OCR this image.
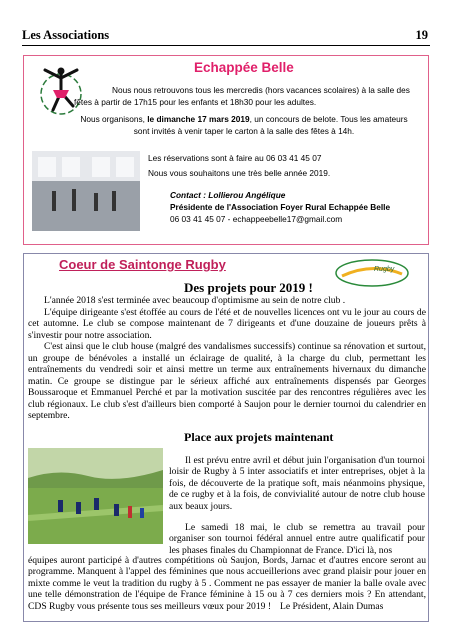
Les Associations	19
Echappée Belle
Nous nous retrouvons tous les mercredis (hors vacances scolaires) à la salle des fêtes à partir de 17h15 pour les enfants et 18h30 pour les adultes.
Nous organisons, le dimanche 17 mars 2019, un concours de belote. Tous les amateurs sont invités à venir taper le carton à la salle des fêtes à 14h.
Les réservations sont à faire au 06 03 41 45 07
Nous vous souhaitons une très belle année 2019.
Contact : Lollierou Angélique
Présidente de l'Association Foyer Rural Echappée Belle
06 03 41 45 07 - echappeebelle17@gmail.com
Coeur de Saintonge Rugby	Rugby
Des projets pour 2019 !

L'année 2018 s'est terminée avec beaucoup d'optimisme au sein de notre club .

L'équipe dirigeante s'est étoffée au cours de l'été et de nouvelles licences ont vu le jour au cours de cet automne. Le club se compose maintenant de 7 dirigeants et d'une douzaine de joueurs prêts à s'investir pour notre association.

C'est ainsi que le club house (malgré des vandalismes successifs) continue sa rénovation et surtout, un groupe de bénévoles a installé un éclairage de qualité, à la charge du club, permettant les entraînements du vendredi soir et ainsi mettre un terme aux entraînements hivernaux du dimanche matin. Ce groupe se distingue par le sérieux affiché aux entraînements dispensés par Georges Boussaroque et Emmanuel Perché et par la motivation suscitée par des rencontres régulières avec les club régionaux. Le club s'est d'ailleurs bien comporté à Saujon pour le dernier tournoi du calendrier en septembre.

Place aux projets maintenant

Il est prévu entre avril et début juin l'organisation d'un tournoi loisir de Rugby à 5 inter associatifs et inter entreprises, objet à la fois, de découverte de la pratique soft, mais néanmoins physique, de ce rugby et à la fois, de convivialité autour de notre club house aux beaux jours.

Le samedi 18 mai, le club se remettra au travail pour organiser son tournoi fédéral annuel entre autre qualificatif pour les phases finales du Championnat de France. D'ici là, nos

équipes auront participé à d'autres compétitions où Saujon, Bords, Jarnac et d'autres encore seront au programme. Manquent à l'appel des féminines que nous accueillerions avec grand plaisir pour jouer en mixte comme le veut la tradition du rugby à 5 . Comment ne pas essayer de manier la balle ovale avec une telle démonstration de l'équipe de France féminine à 15 ou à 7 ces derniers mois ? En attendant, CDS Rugby vous présente tous ses meilleurs vœux pour 2019 ! Le Président, Alain Dumas
